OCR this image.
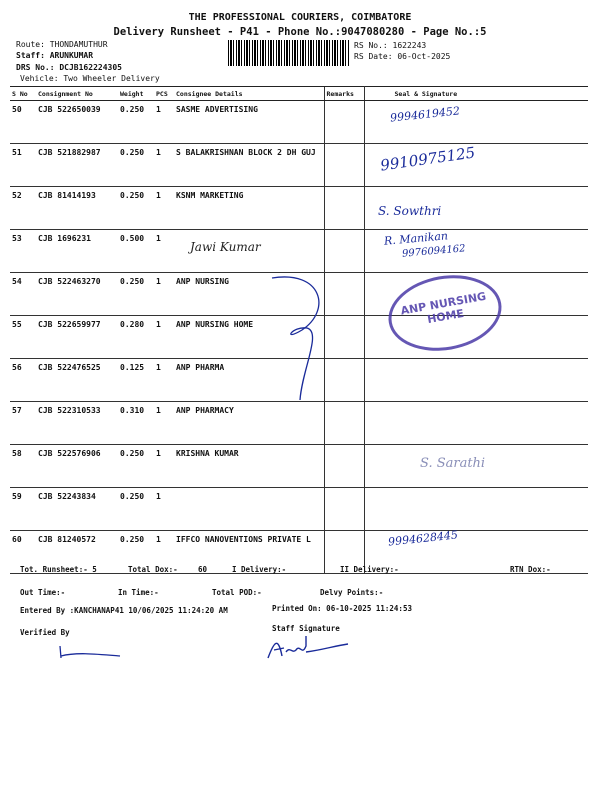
THE PROFESSIONAL COURIERS, COIMBATORE
Delivery Runsheet - P41 - Phone No.:9047080280 - Page No.:5
Route: THONDAMUTHUR
Staff: ARUNKUMAR
DRS No.: DCJB162224305
Vehicle: Two Wheeler Delivery
RS No.: 1622243
RS Date: 06-Oct-2025
S No	Consignment No	Weight	PCS	Consignee Details	Remarks	Seal & Signature
50	CJB 522650039	0.250	1	SASME ADVERTISING		
51	CJB 521882987	0.250	1	S BALAKRISHNAN BLOCK 2 DH GUJ		
52	CJB 81414193	0.250	1	KSNM MARKETING		
53	CJB 1696231	0.500	1			
54	CJB 522463270	0.250	1	ANP NURSING		
55	CJB 522659977	0.280	1	ANP NURSING HOME		
56	CJB 522476525	0.125	1	ANP PHARMA		
57	CJB 522310533	0.310	1	ANP PHARMACY		
58	CJB 522576906	0.250	1	KRISHNA KUMAR		
59	CJB 52243834	0.250	1			
60	CJB 81240572	0.250	1	IFFCO NANOVENTIONS PRIVATE L		
9994619452
9910975125
S. Sowthri
R. Manikan
9976094162
Jawi Kumar
ANP NURSING HOME
S. Sarathi
9994628445
Tot. Runsheet:- 5	Total Dox:-	60	I Delivery:-	II Delivery:-	RTN Dox:-
Out Time:-	In Time:-	Total POD:-	Delvy Points:-
Entered By :KANCHANAP41 10/06/2025 11:24:20 AM	Printed On: 06-10-2025 11:24:53
Verified By	Staff Signature
